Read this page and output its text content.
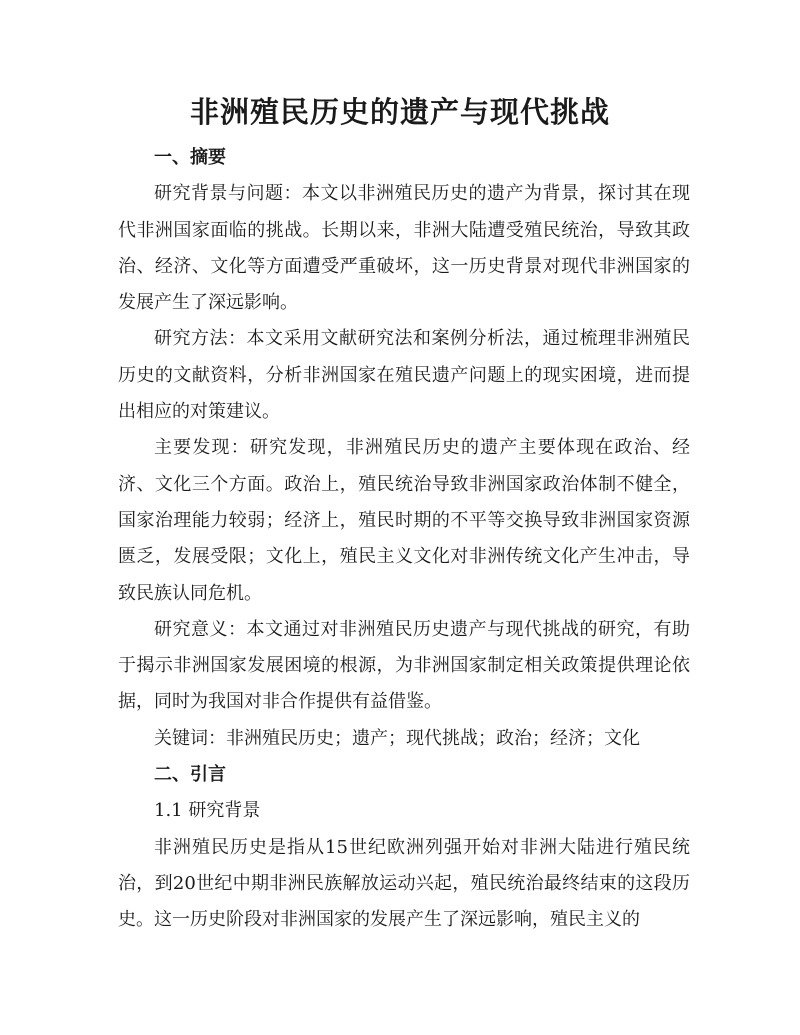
非洲殖民历史的遗产与现代挑战

一、摘要

研究背景与问题：本文以非洲殖民历史的遗产为背景，探讨其在现代非洲国家面临的挑战。长期以来，非洲大陆遭受殖民统治，导致其政治、经济、文化等方面遭受严重破坏，这一历史背景对现代非洲国家的发展产生了深远影响。

研究方法：本文采用文献研究法和案例分析法，通过梳理非洲殖民历史的文献资料，分析非洲国家在殖民遗产问题上的现实困境，进而提出相应的对策建议。

主要发现：研究发现，非洲殖民历史的遗产主要体现在政治、经济、文化三个方面。政治上，殖民统治导致非洲国家政治体制不健全，国家治理能力较弱；经济上，殖民时期的不平等交换导致非洲国家资源匮乏，发展受限；文化上，殖民主义文化对非洲传统文化产生冲击，导致民族认同危机。

研究意义：本文通过对非洲殖民历史遗产与现代挑战的研究，有助于揭示非洲国家发展困境的根源，为非洲国家制定相关政策提供理论依据，同时为我国对非合作提供有益借鉴。

关键词：非洲殖民历史；遗产；现代挑战；政治；经济；文化

二、引言

1.1 研究背景

非洲殖民历史是指从15世纪欧洲列强开始对非洲大陆进行殖民统治，到20世纪中期非洲民族解放运动兴起，殖民统治最终结束的这段历史。这一历史阶段对非洲国家的发展产生了深远影响，殖民主义的
